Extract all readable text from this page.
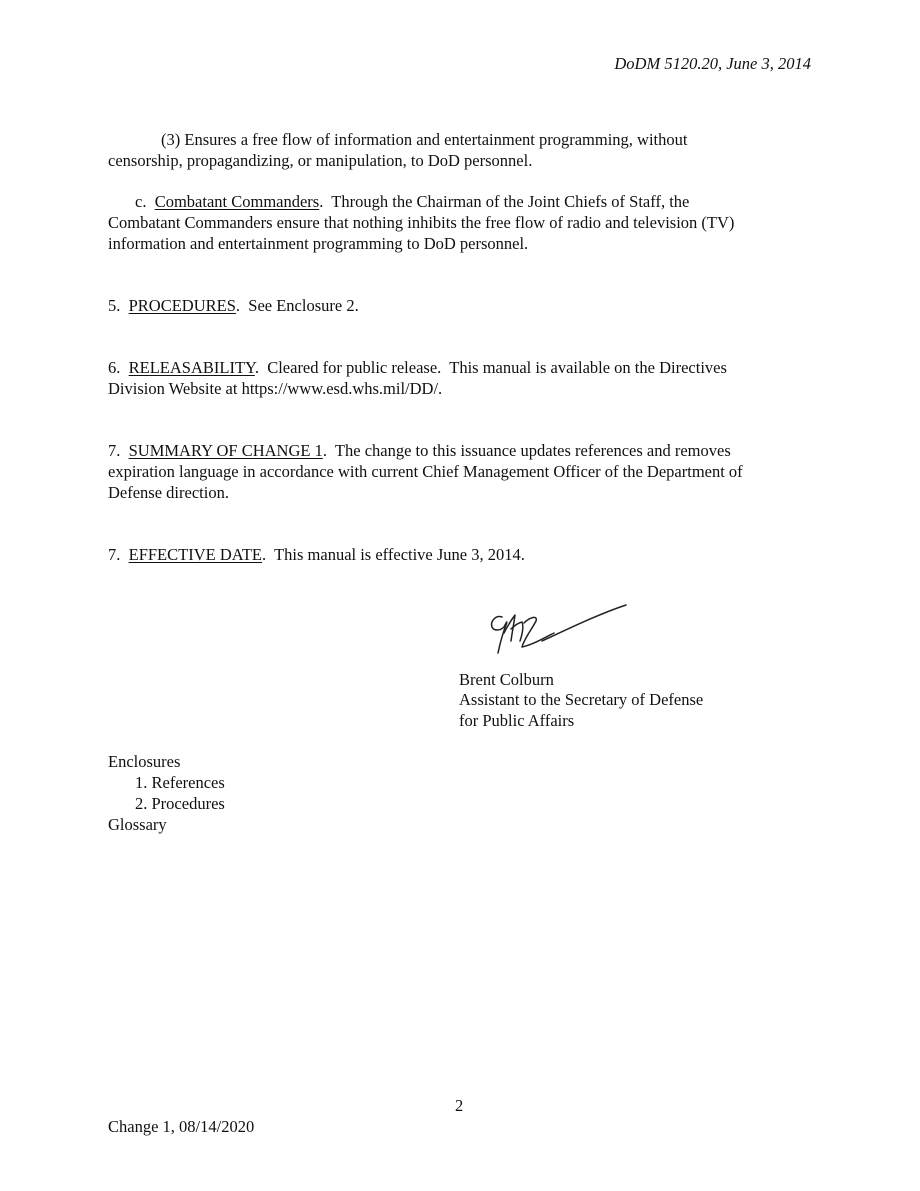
DoDM 5120.20, June 3, 2014
(3) Ensures a free flow of information and entertainment programming, without
censorship, propagandizing, or manipulation, to DoD personnel.
c.  Combatant Commanders.  Through the Chairman of the Joint Chiefs of Staff, the
Combatant Commanders ensure that nothing inhibits the free flow of radio and television (TV)
information and entertainment programming to DoD personnel.
5.  PROCEDURES.  See Enclosure 2.
6.  RELEASABILITY.  Cleared for public release.  This manual is available on the Directives
Division Website at https://www.esd.whs.mil/DD/.
7.  SUMMARY OF CHANGE 1.  The change to this issuance updates references and removes
expiration language in accordance with current Chief Management Officer of the Department of
Defense direction.
7.  EFFECTIVE DATE.  This manual is effective June 3, 2014.
Brent Colburn
Assistant to the Secretary of Defense
for Public Affairs
Enclosures
1. References
2. Procedures
Glossary
2
Change 1, 08/14/2020
